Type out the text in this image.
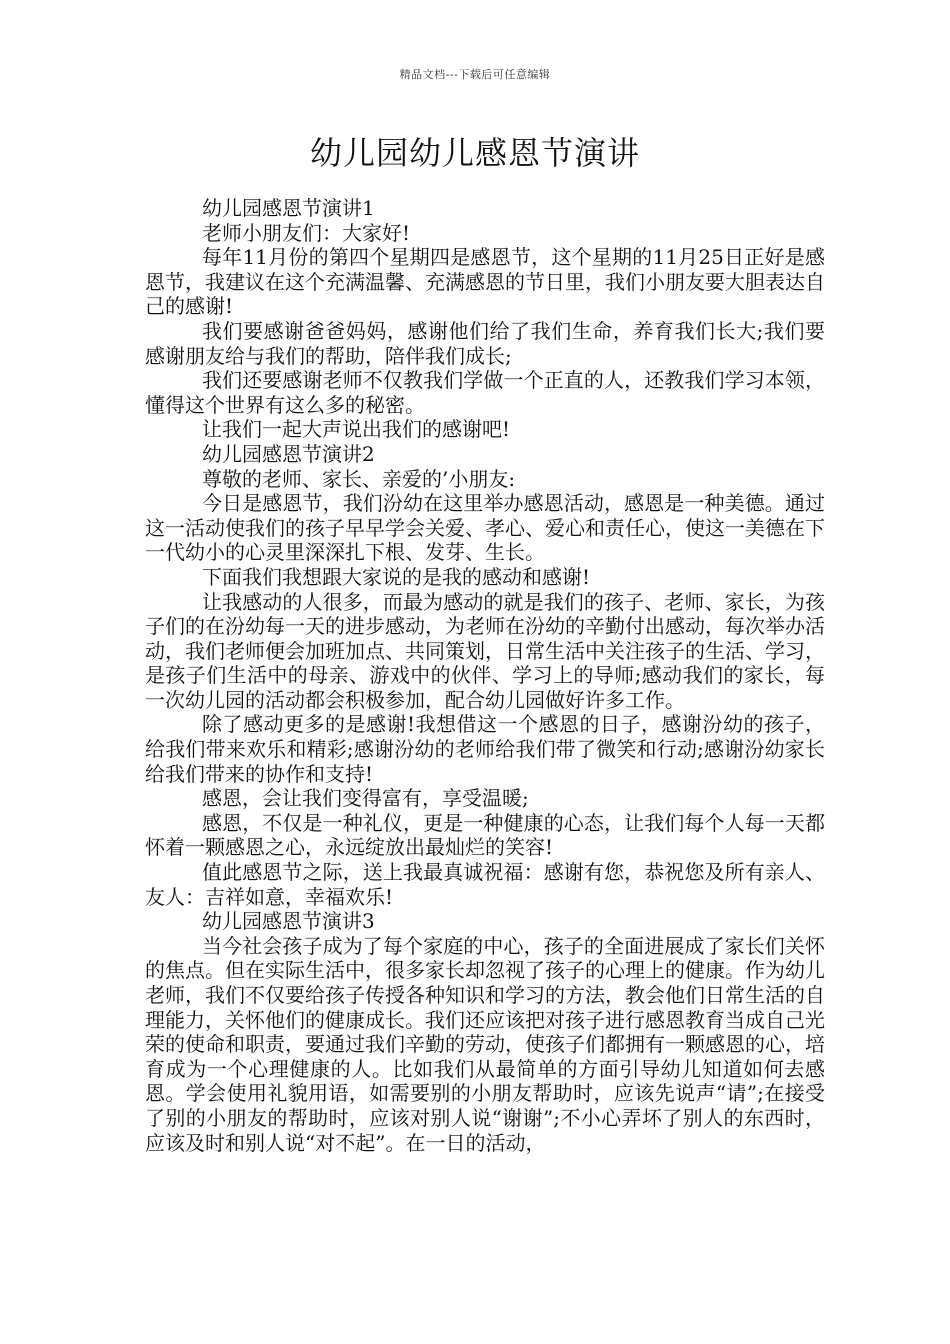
精品文档---下载后可任意编辑
幼儿园幼儿感恩节演讲

幼儿园感恩节演讲1

老师小朋友们：大家好!

每年11月份的第四个星期四是感恩节，这个星期的11月25日正好是感恩节，我建议在这个充满温馨、充满感恩的节日里，我们小朋友要大胆表达自己的感谢!

我们要感谢爸爸妈妈，感谢他们给了我们生命，养育我们长大;我们要感谢朋友给与我们的帮助，陪伴我们成长;

我们还要感谢老师不仅教我们学做一个正直的人，还教我们学习本领，懂得这个世界有这么多的秘密。

让我们一起大声说出我们的感谢吧!

幼儿园感恩节演讲2

尊敬的老师、家长、亲爱的’小朋友:

今日是感恩节，我们汾幼在这里举办感恩活动，感恩是一种美德。通过这一活动使我们的孩子早早学会关爱、孝心、爱心和责任心，使这一美德在下一代幼小的心灵里深深扎下根、发芽、生长。

下面我们我想跟大家说的是我的感动和感谢!

让我感动的人很多，而最为感动的就是我们的孩子、老师、家长，为孩子们的在汾幼每一天的进步感动，为老师在汾幼的辛勤付出感动，每次举办活动，我们老师便会加班加点、共同策划，日常生活中关注孩子的生活、学习，是孩子们生活中的母亲、游戏中的伙伴、学习上的导师;感动我们的家长，每一次幼儿园的活动都会积极参加，配合幼儿园做好许多工作。

除了感动更多的是感谢!我想借这一个感恩的日子，感谢汾幼的孩子，给我们带来欢乐和精彩;感谢汾幼的老师给我们带了微笑和行动;感谢汾幼家长给我们带来的协作和支持!

感恩，会让我们变得富有，享受温暖;

感恩，不仅是一种礼仪，更是一种健康的心态，让我们每个人每一天都怀着一颗感恩之心，永远绽放出最灿烂的笑容!

值此感恩节之际，送上我最真诚祝福：感谢有您，恭祝您及所有亲人、友人：吉祥如意，幸福欢乐!

幼儿园感恩节演讲3

当今社会孩子成为了每个家庭的中心，孩子的全面进展成了家长们关怀的焦点。但在实际生活中，很多家长却忽视了孩子的心理上的健康。作为幼儿老师，我们不仅要给孩子传授各种知识和学习的方法，教会他们日常生活的自理能力，关怀他们的健康成长。我们还应该把对孩子进行感恩教育当成自己光荣的使命和职责，要通过我们辛勤的劳动，使孩子们都拥有一颗感恩的心，培育成为一个心理健康的人。比如我们从最简单的方面引导幼儿知道如何去感恩。学会使用礼貌用语，如需要别的小朋友帮助时，应该先说声“请”;在接受了别的小朋友的帮助时，应该对别人说“谢谢”;不小心弄坏了别人的东西时，应该及时和别人说“对不起”。在一日的活动，
